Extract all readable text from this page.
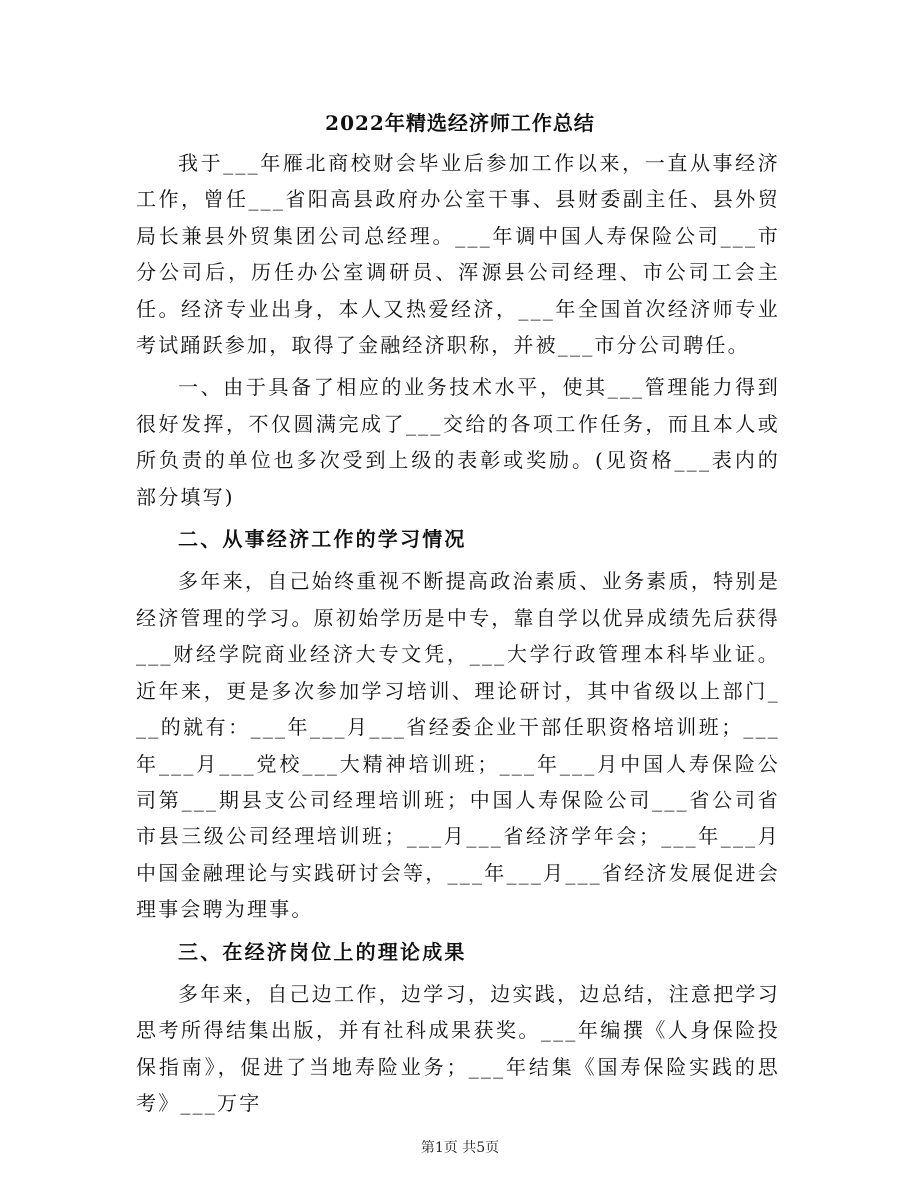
2022年精选经济师工作总结

我于___年雁北商校财会毕业后参加工作以来，一直从事经济工作，曾任___省阳高县政府办公室干事、县财委副主任、县外贸局长兼县外贸集团公司总经理。___年调中国人寿保险公司___市分公司后，历任办公室调研员、浑源县公司经理、市公司工会主任。经济专业出身，本人又热爱经济，___年全国首次经济师专业考试踊跃参加，取得了金融经济职称，并被___市分公司聘任。

一、由于具备了相应的业务技术水平，使其___管理能力得到很好发挥，不仅圆满完成了___交给的各项工作任务，而且本人或所负责的单位也多次受到上级的表彰或奖励。(见资格___表内的部分填写)

二、从事经济工作的学习情况

多年来，自己始终重视不断提高政治素质、业务素质，特别是经济管理的学习。原初始学历是中专，靠自学以优异成绩先后获得___财经学院商业经济大专文凭，___大学行政管理本科毕业证。近年来，更是多次参加学习培训、理论研讨，其中省级以上部门___的就有：___年___月___省经委企业干部任职资格培训班；___年___月___党校___大精神培训班；___年___月中国人寿保险公司第___期县支公司经理培训班；中国人寿保险公司___省公司省市县三级公司经理培训班；___月___省经济学年会；___年___月中国金融理论与实践研讨会等，___年___月___省经济发展促进会理事会聘为理事。

三、在经济岗位上的理论成果

多年来，自己边工作，边学习，边实践，边总结，注意把学习思考所得结集出版，并有社科成果获奖。___年编撰《人身保险投保指南》，促进了当地寿险业务；___年结集《国寿保险实践的思考》___万字

第1页 共5页
